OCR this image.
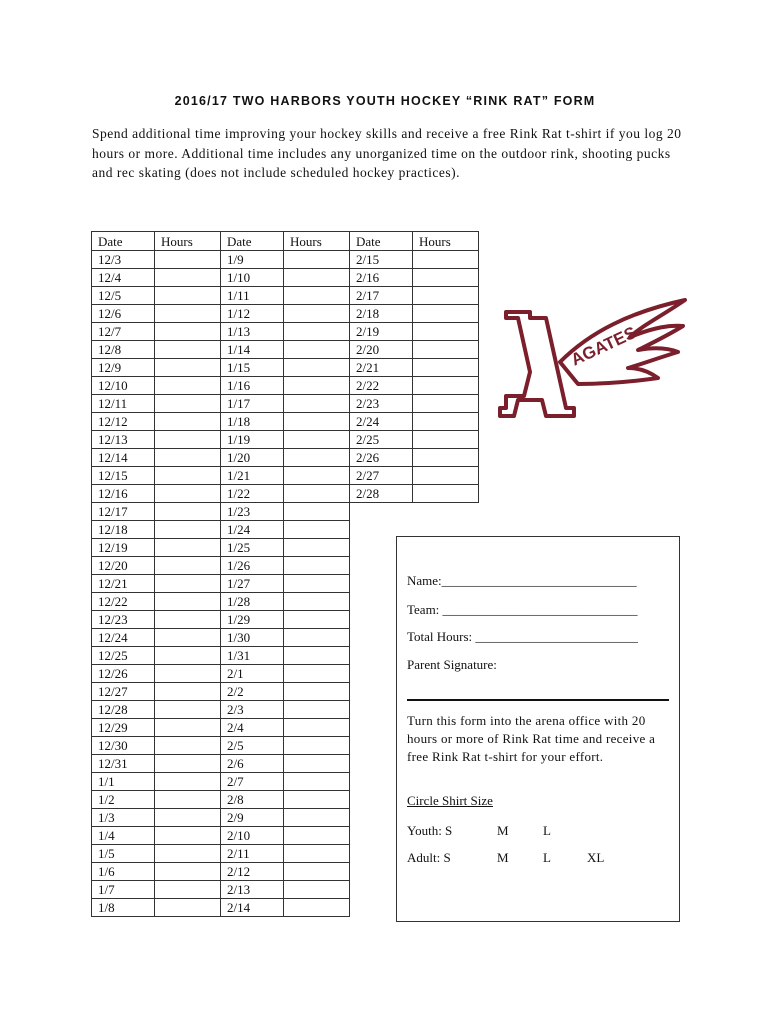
2016/17 TWO HARBORS YOUTH HOCKEY “RINK RAT” FORM
Spend additional time improving your hockey skills and receive a free Rink Rat t-shirt if you log 20 hours or more. Additional time includes any unorganized time on the outdoor rink, shooting pucks and rec skating (does not include scheduled hockey practices).
Date	Hours	Date	Hours	Date	Hours
12/3		1/9		2/15	
12/4		1/10		2/16	
12/5		1/11		2/17	
12/6		1/12		2/18	
12/7		1/13		2/19	
12/8		1/14		2/20	
12/9		1/15		2/21	
12/10		1/16		2/22	
12/11		1/17		2/23	
12/12		1/18		2/24	
12/13		1/19		2/25	
12/14		1/20		2/26	
12/15		1/21		2/27	
12/16		1/22		2/28	
12/17		1/23			
12/18		1/24			
12/19		1/25			
12/20		1/26			
12/21		1/27			
12/22		1/28			
12/23		1/29			
12/24		1/30			
12/25		1/31			
12/26		2/1			
12/27		2/2			
12/28		2/3			
12/29		2/4			
12/30		2/5			
12/31		2/6			
1/1		2/7			
1/2		2/8			
1/3		2/9			
1/4		2/10			
1/5		2/11			
1/6		2/12			
1/7		2/13			
1/8		2/14			
AGATES
Name:______________________________
Team: ______________________________
Total Hours: _________________________
Parent Signature:
Turn this form into the arena office with 20 hours or more of Rink Rat time and receive a free Rink Rat t-shirt for your effort.
Circle Shirt Size
Youth: S	M	L
Adult: S	M	L	XL
